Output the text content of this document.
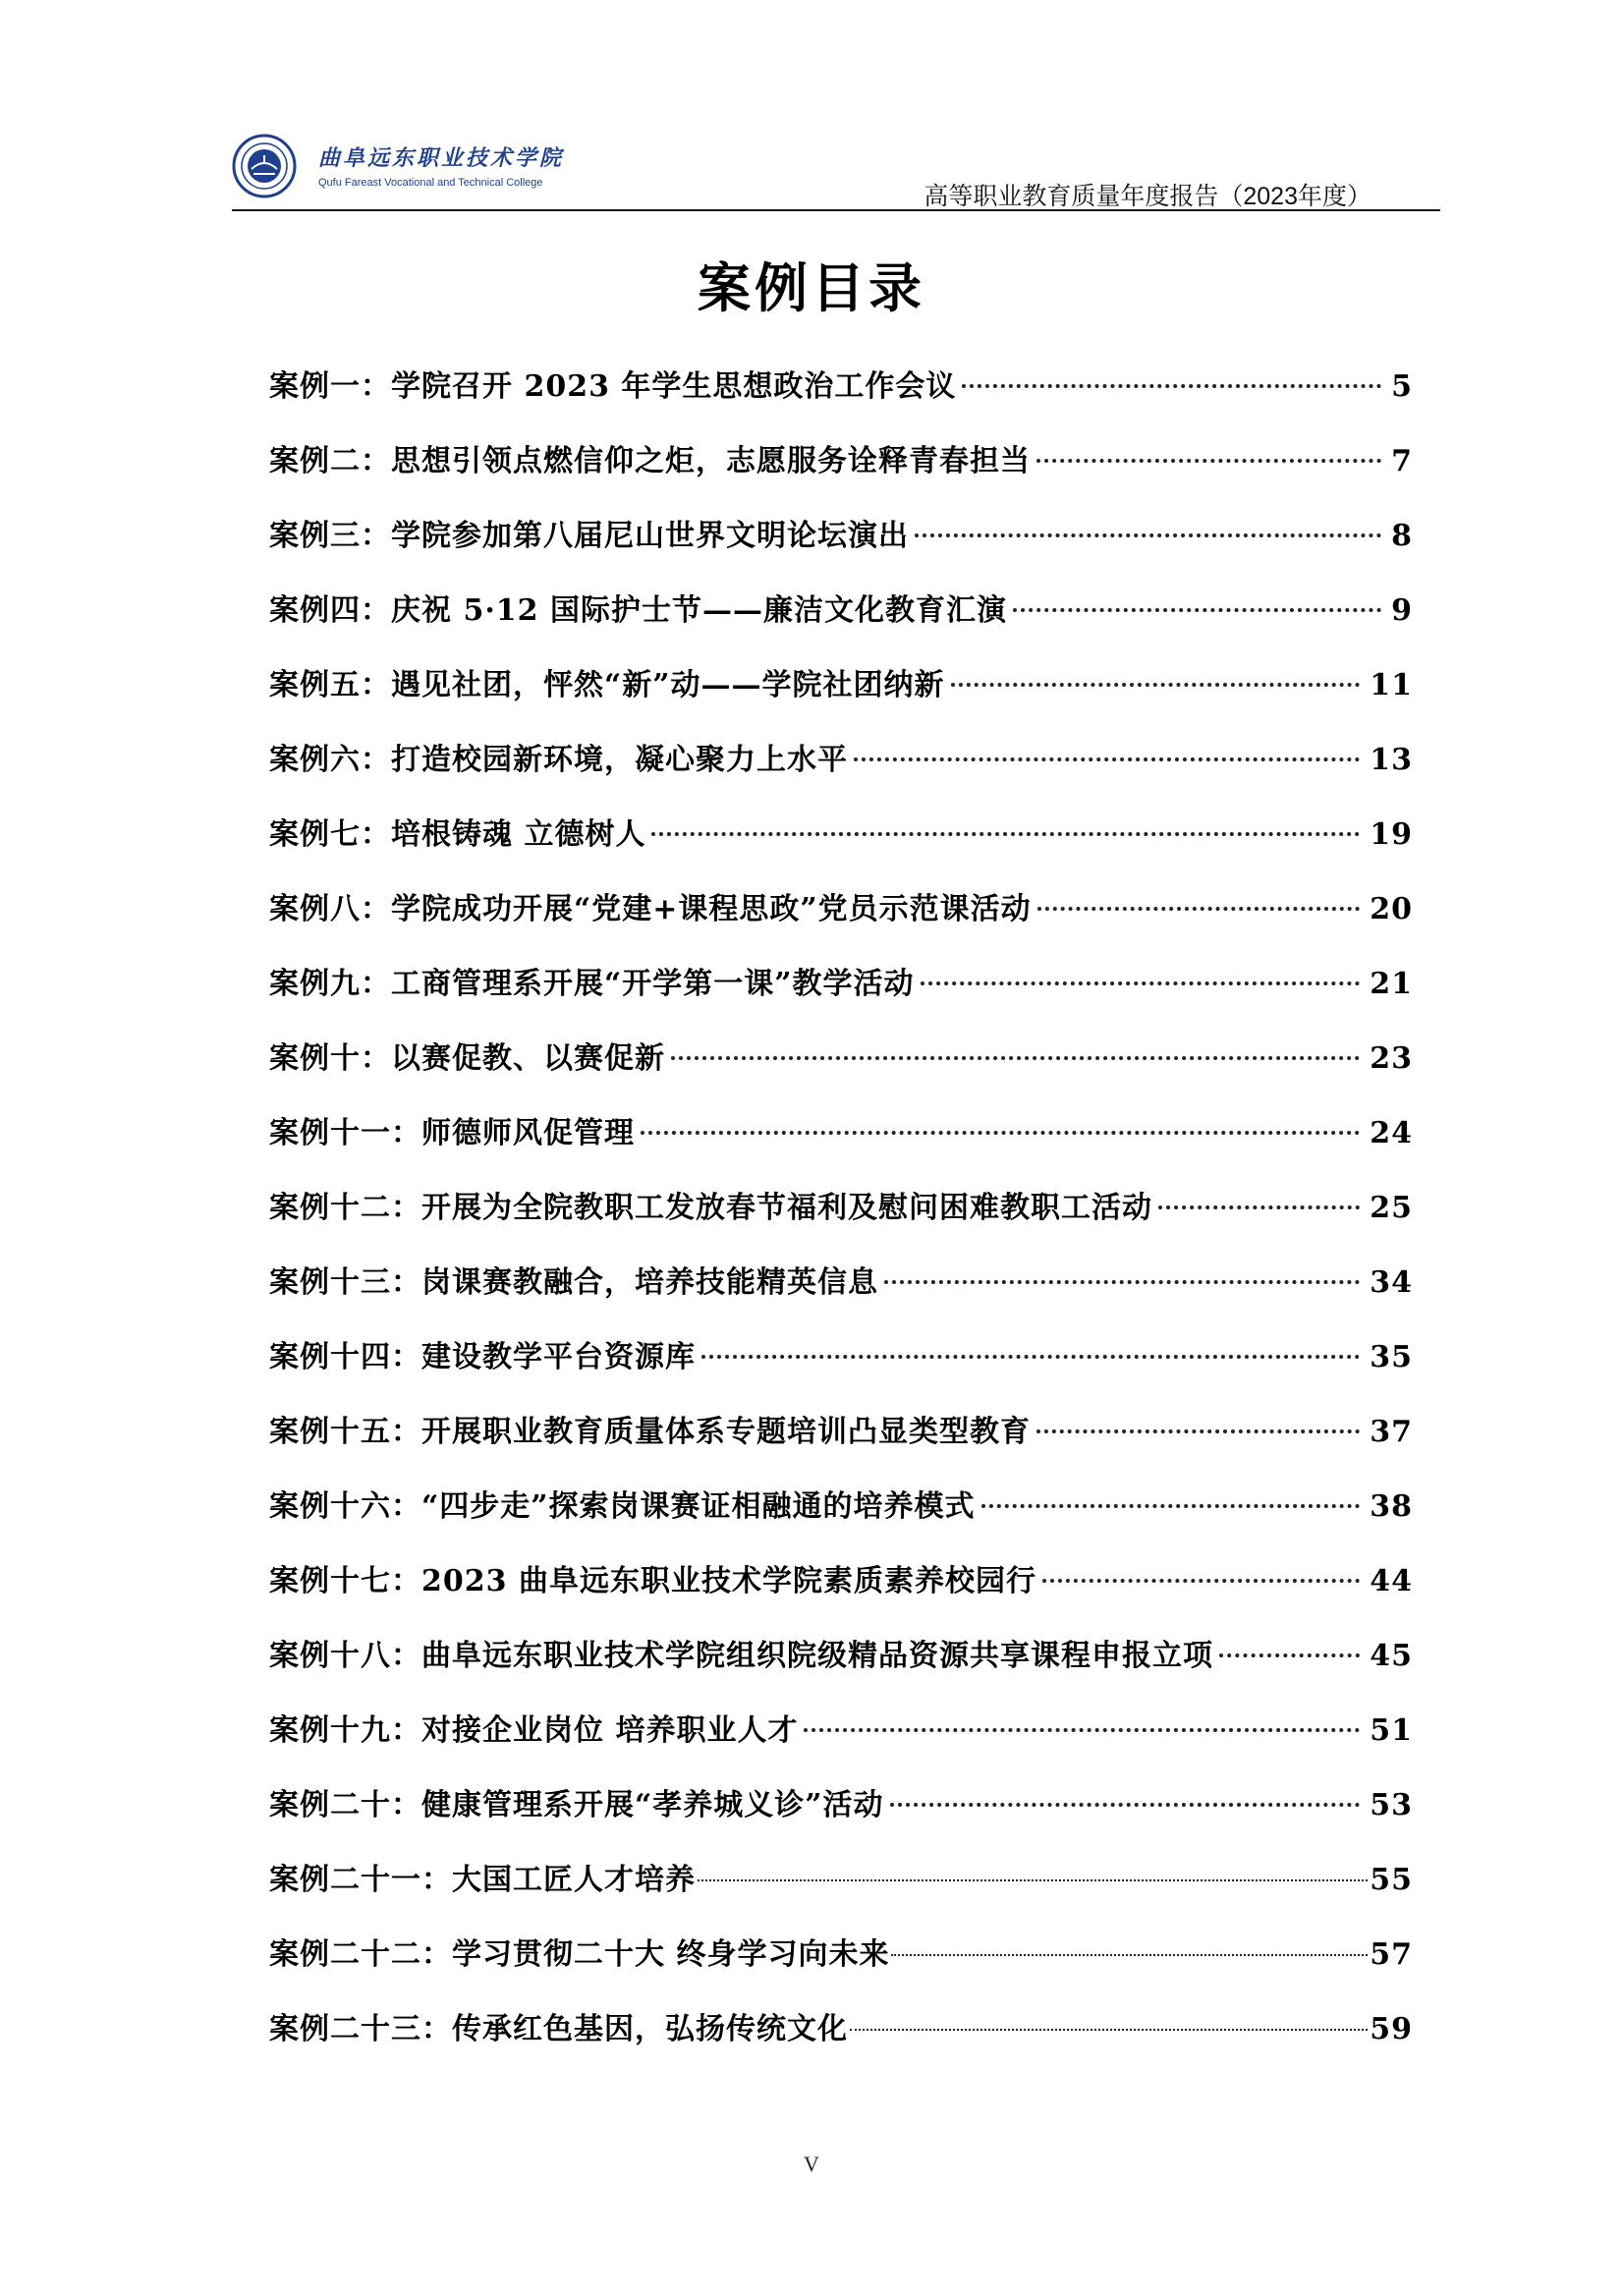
曲阜远东职业技术学院
Qufu Fareast Vocational and Technical College	高等职业教育质量年度报告（2023年度）
案例目录
案例一：学院召开 2023 年学生思想政治工作会议	5
案例二：思想引领点燃信仰之炬，志愿服务诠释青春担当	7
案例三：学院参加第八届尼山世界文明论坛演出	8
案例四：庆祝 5·12 国际护士节——廉洁文化教育汇演	9
案例五：遇见社团，怦然“新”动——学院社团纳新	11
案例六：打造校园新环境，凝心聚力上水平	13
案例七：培根铸魂 立德树人	19
案例八：学院成功开展“党建+课程思政”党员示范课活动	20
案例九：工商管理系开展“开学第一课”教学活动	21
案例十：以赛促教、以赛促新	23
案例十一：师德师风促管理	24
案例十二：开展为全院教职工发放春节福利及慰问困难教职工活动	25
案例十三：岗课赛教融合，培养技能精英信息	34
案例十四：建设教学平台资源库	35
案例十五：开展职业教育质量体系专题培训凸显类型教育	37
案例十六：“四步走”探索岗课赛证相融通的培养模式	38
案例十七：2023 曲阜远东职业技术学院素质素养校园行	44
案例十八：曲阜远东职业技术学院组织院级精品资源共享课程申报立项	45
案例十九：对接企业岗位 培养职业人才	51
案例二十：健康管理系开展“孝养城义诊”活动	53
案例二十一：大国工匠人才培养	55
案例二十二：学习贯彻二十大 终身学习向未来	57
案例二十三：传承红色基因，弘扬传统文化	59
V
